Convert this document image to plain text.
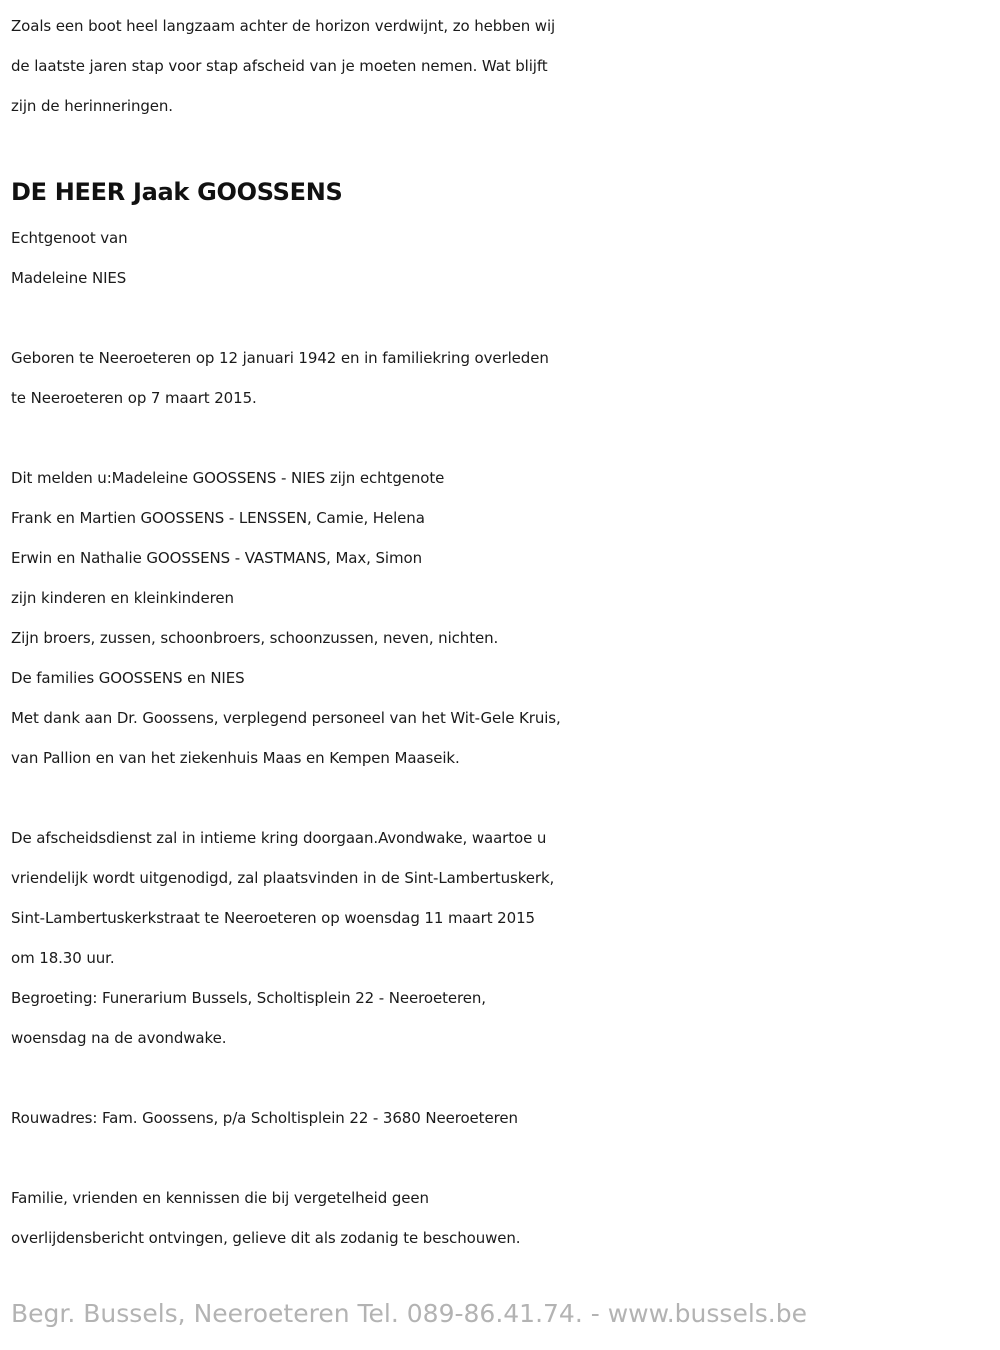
Zoals een boot heel langzaam achter de horizon verdwijnt, zo hebben wij
de laatste jaren stap voor stap afscheid van je moeten nemen. Wat blijft
zijn de herinneringen.
DE HEER Jaak GOOSSENS
Echtgenoot van
Madeleine NIES
Geboren te Neeroeteren op 12 januari 1942 en in familiekring overleden
te Neeroeteren op 7 maart 2015.
Dit melden u:Madeleine GOOSSENS - NIES zijn echtgenote
Frank en Martien GOOSSENS - LENSSEN, Camie, Helena
Erwin en Nathalie GOOSSENS - VASTMANS, Max, Simon
zijn kinderen en kleinkinderen
Zijn broers, zussen, schoonbroers, schoonzussen, neven, nichten.
De families GOOSSENS en NIES
Met dank aan Dr. Goossens, verplegend personeel van het Wit-Gele Kruis,
van Pallion en van het ziekenhuis Maas en Kempen Maaseik.
De afscheidsdienst zal in intieme kring doorgaan.Avondwake, waartoe u
vriendelijk wordt uitgenodigd, zal plaatsvinden in de Sint-Lambertuskerk,
Sint-Lambertuskerkstraat te Neeroeteren op woensdag 11 maart 2015
om 18.30 uur.
Begroeting: Funerarium Bussels, Scholtisplein 22 - Neeroeteren,
woensdag na de avondwake.
Rouwadres: Fam. Goossens, p/a Scholtisplein 22 - 3680 Neeroeteren
Familie, vrienden en kennissen die bij vergetelheid geen
overlijdensbericht ontvingen, gelieve dit als zodanig te beschouwen.
Begr. Bussels, Neeroeteren Tel. 089-86.41.74. - www.bussels.be
